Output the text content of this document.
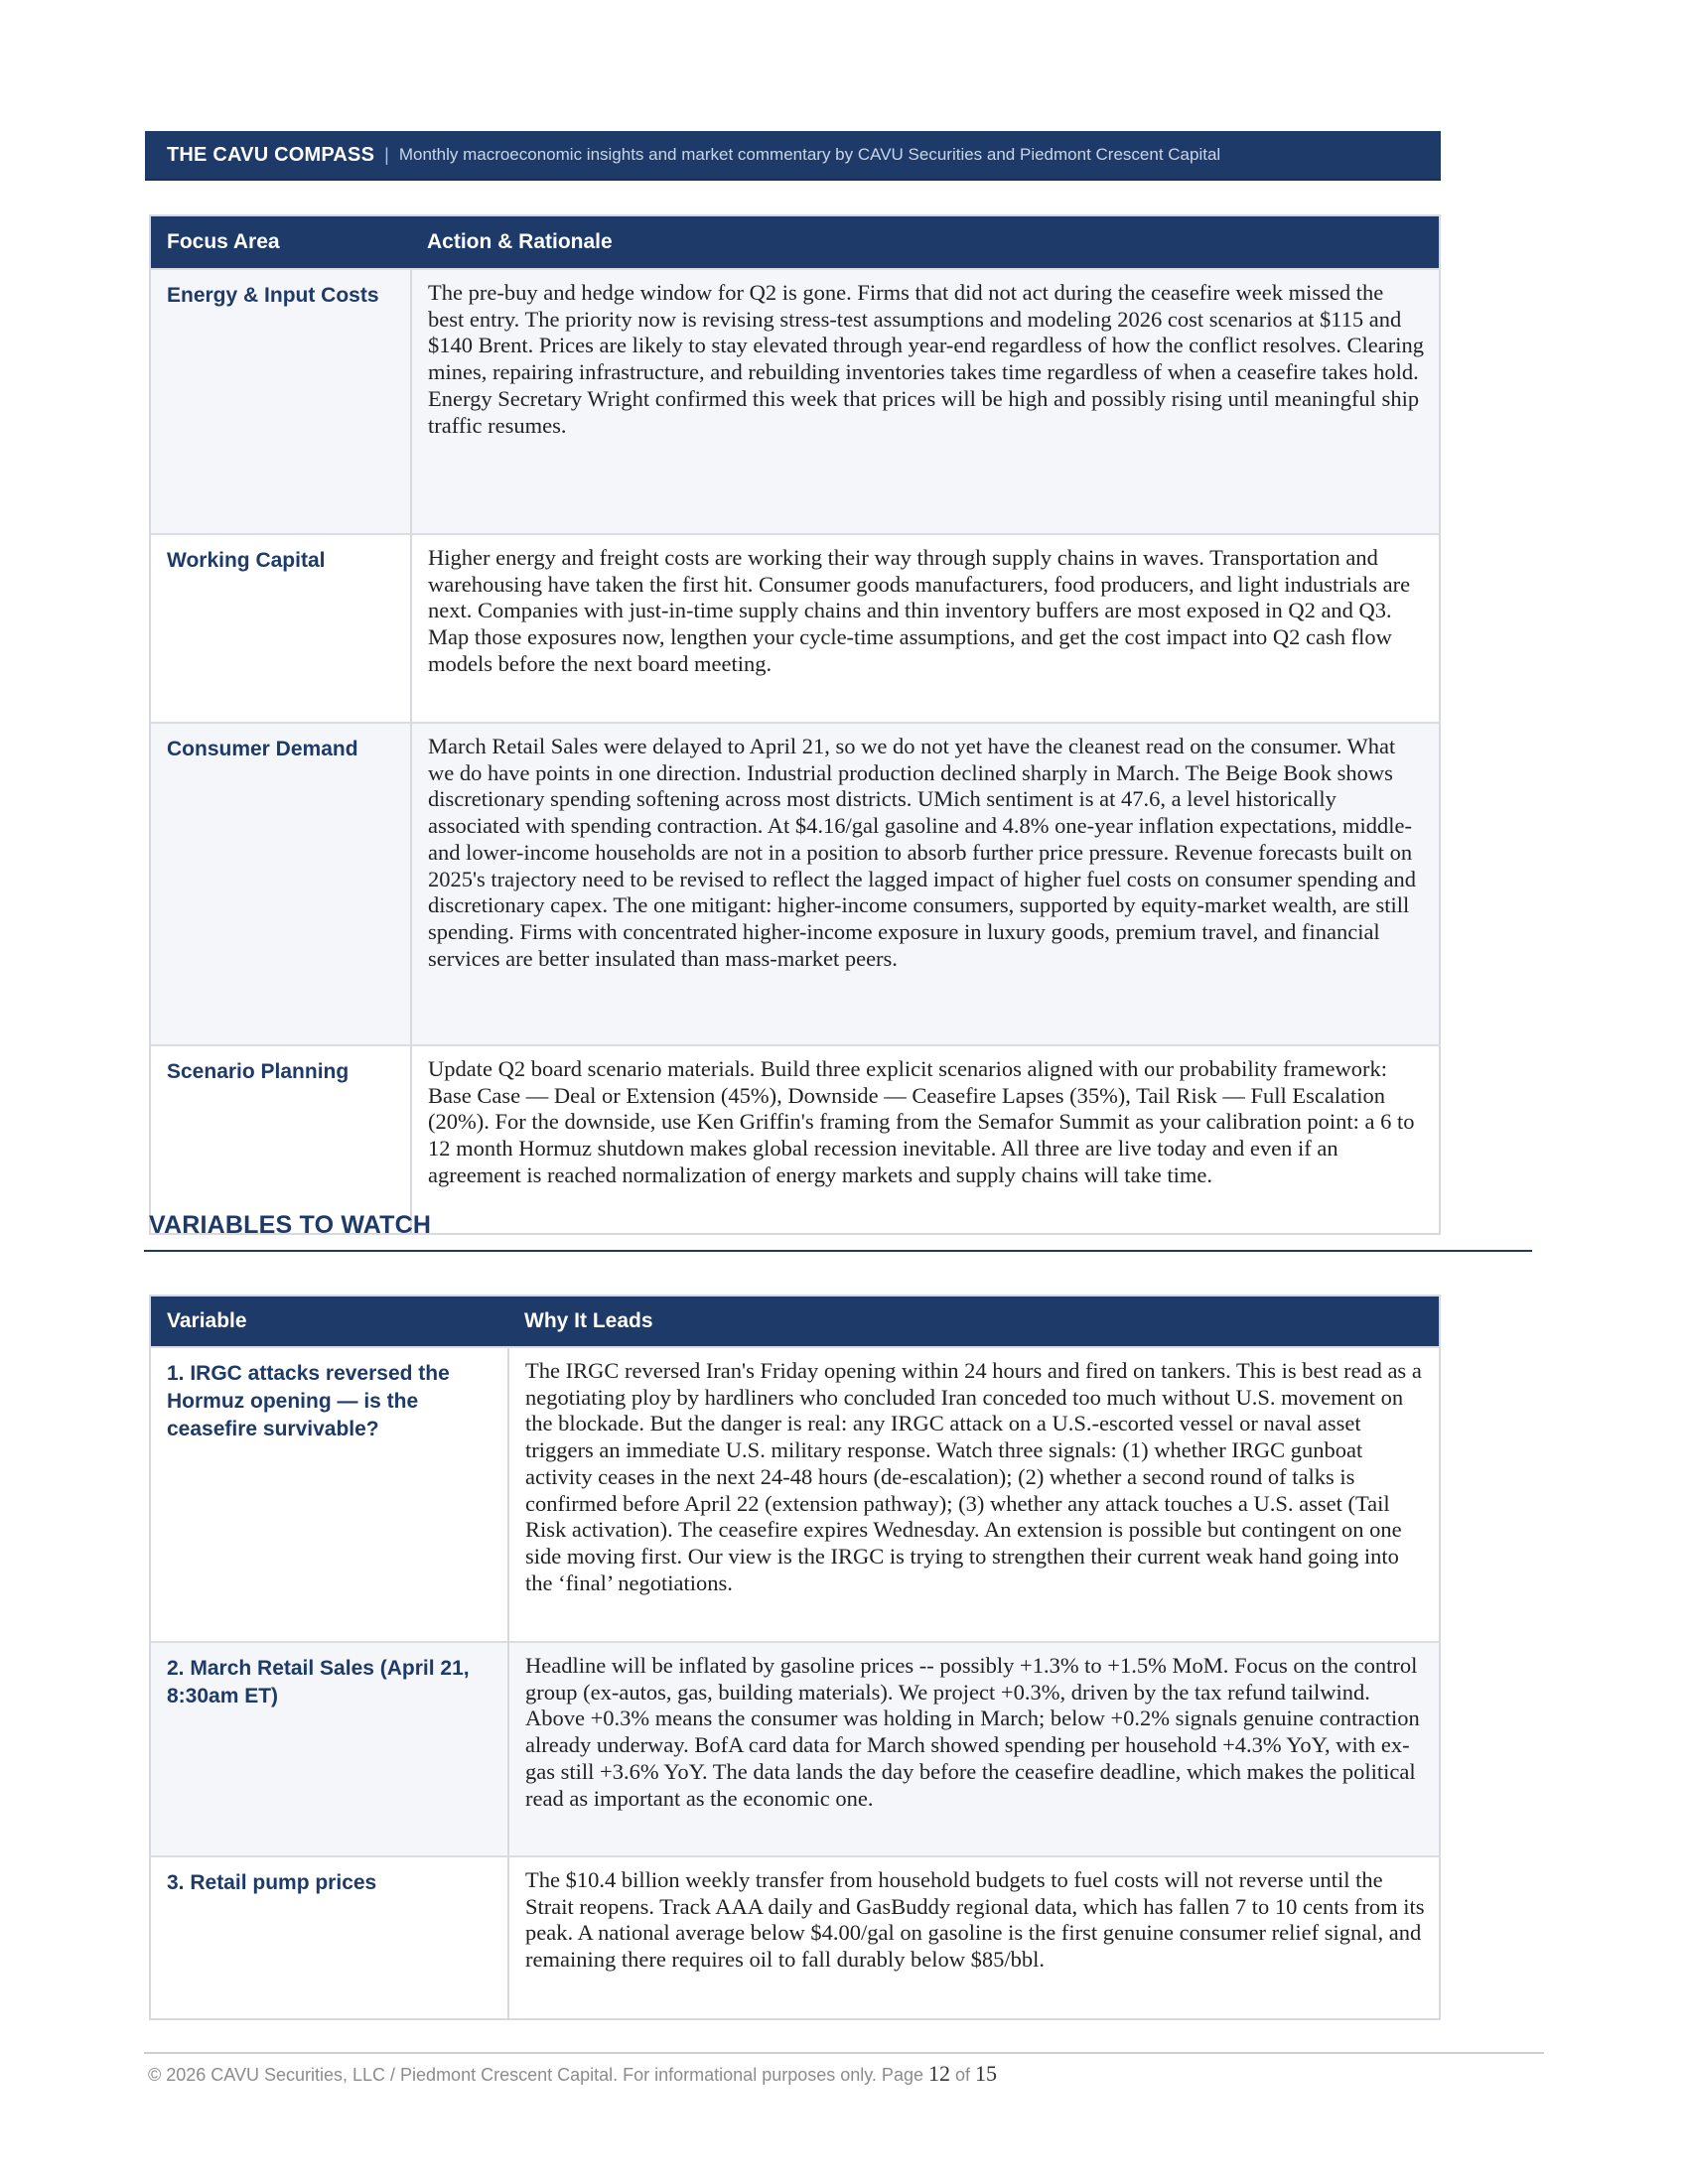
THE CAVU COMPASS | Monthly macroeconomic insights and market commentary by CAVU Securities and Piedmont Crescent Capital
Focus Area	Action & Rationale

Energy & Input Costs	The pre-buy and hedge window for Q2 is gone. Firms that did not act during the ceasefire week missed the best entry. The priority now is revising stress-test assumptions and modeling 2026 cost scenarios at $115 and $140 Brent. Prices are likely to stay elevated through year-end regardless of how the conflict resolves. Clearing mines, repairing infrastructure, and rebuilding inventories takes time regardless of when a ceasefire takes hold. Energy Secretary Wright confirmed this week that prices will be high and possibly rising until meaningful ship traffic resumes.

Working Capital	Higher energy and freight costs are working their way through supply chains in waves. Transportation and warehousing have taken the first hit. Consumer goods manufacturers, food producers, and light industrials are next. Companies with just-in-time supply chains and thin inventory buffers are most exposed in Q2 and Q3. Map those exposures now, lengthen your cycle-time assumptions, and get the cost impact into Q2 cash flow models before the next board meeting.

Consumer Demand	March Retail Sales were delayed to April 21, so we do not yet have the cleanest read on the consumer. What we do have points in one direction. Industrial production declined sharply in March. The Beige Book shows discretionary spending softening across most districts. UMich sentiment is at 47.6, a level historically associated with spending contraction. At $4.16/gal gasoline and 4.8% one-year inflation expectations, middle- and lower-income households are not in a position to absorb further price pressure. Revenue forecasts built on 2025's trajectory need to be revised to reflect the lagged impact of higher fuel costs on consumer spending and discretionary capex. The one mitigant: higher-income consumers, supported by equity-market wealth, are still spending. Firms with concentrated higher-income exposure in luxury goods, premium travel, and financial services are better insulated than mass-market peers.

Scenario Planning	Update Q2 board scenario materials. Build three explicit scenarios aligned with our probability framework: Base Case — Deal or Extension (45%), Downside — Ceasefire Lapses (35%), Tail Risk — Full Escalation (20%). For the downside, use Ken Griffin's framing from the Semafor Summit as your calibration point: a 6 to 12 month Hormuz shutdown makes global recession inevitable. All three are live today and even if an agreement is reached normalization of energy markets and supply chains will take time.
VARIABLES TO WATCH
Variable	Why It Leads

1. IRGC attacks reversed the Hormuz opening — is the ceasefire survivable?	The IRGC reversed Iran's Friday opening within 24 hours and fired on tankers. This is best read as a negotiating ploy by hardliners who concluded Iran conceded too much without U.S. movement on the blockade. But the danger is real: any IRGC attack on a U.S.-escorted vessel or naval asset triggers an immediate U.S. military response. Watch three signals: (1) whether IRGC gunboat activity ceases in the next 24-48 hours (de-escalation); (2) whether a second round of talks is confirmed before April 22 (extension pathway); (3) whether any attack touches a U.S. asset (Tail Risk activation). The ceasefire expires Wednesday. An extension is possible but contingent on one side moving first. Our view is the IRGC is trying to strengthen their current weak hand going into the ‘final’ negotiations.

2. March Retail Sales (April 21, 8:30am ET)	Headline will be inflated by gasoline prices -- possibly +1.3% to +1.5% MoM. Focus on the control group (ex-autos, gas, building materials). We project +0.3%, driven by the tax refund tailwind. Above +0.3% means the consumer was holding in March; below +0.2% signals genuine contraction already underway. BofA card data for March showed spending per household +4.3% YoY, with ex-gas still +3.6% YoY. The data lands the day before the ceasefire deadline, which makes the political read as important as the economic one.

3. Retail pump prices	The $10.4 billion weekly transfer from household budgets to fuel costs will not reverse until the Strait reopens. Track AAA daily and GasBuddy regional data, which has fallen 7 to 10 cents from its peak. A national average below $4.00/gal on gasoline is the first genuine consumer relief signal, and remaining there requires oil to fall durably below $85/bbl.
© 2026 CAVU Securities, LLC / Piedmont Crescent Capital. For informational purposes only. Page 12 of 15
